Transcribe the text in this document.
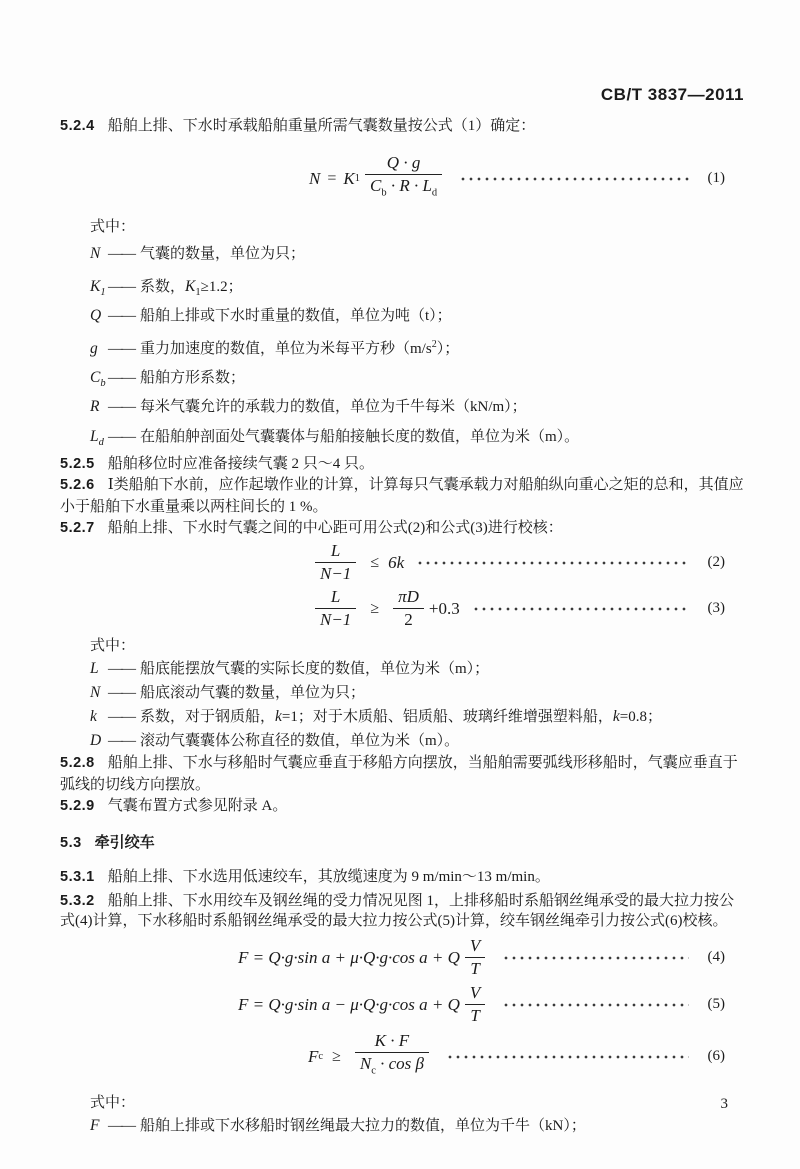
CB/T 3837—2011

5.2.4 船舶上排、下水时承载船舶重量所需气囊数量按公式（1）确定：

N = K $1 \frac{Q \cdot g}{C_b \cdot R \cdot L_d}$	(1)

式中：

N —— 气囊的数量，单位为只；
$K_1$ —— 系数，$K_1\ge 1.2$；
Q —— 船舶上排或下水时重量的数值，单位为吨（t）；
g —— 重力加速度的数值，单位为米每平方秒$(m/s^2)$；
$C_b$ —— 船舶方形系数；
R —— 每米气囊允许的承载力的数值，单位为千牛每米（kN/m）；
$L_d$ —— 在船舶舯剖面处气囊囊体与船舶接触长度的数值，单位为米（m）。

5.2.5 船舶移位时应准备接续气囊 2 只～4 只。

5.2.6 Ⅰ类船舶下水前，应作起墩作业的计算，计算每只气囊承载力对船舶纵向重心之矩的总和，其值应小于船舶下水重量乘以两柱间长的 1 %。

5.2.7 船舶上排、下水时气囊之间的中心距可用公式(2)和公式(3)进行校核：

$\frac{L}{N-1} \le 6k$	(2)
$\frac{L}{N-1} \ge \frac{\pi D}{2} +0.3$	(3)

式中：

L —— 船底能摆放气囊的实际长度的数值，单位为米（m）；
N —— 船底滚动气囊的数量，单位为只；
k —— 系数，对于钢质船，k=1；对于木质船、铝质船、玻璃纤维增强塑料船，k=0.8；
D —— 滚动气囊囊体公称直径的数值，单位为米（m）。

5.2.8 船舶上排、下水与移船时气囊应垂直于移船方向摆放，当船舶需要弧线形移船时，气囊应垂直于弧线的切线方向摆放。

5.2.9 气囊布置方式参见附录 A。

5.3 牵引绞车

5.3.1 船舶上排、下水选用低速绞车，其放缆速度为 9 m/min～13 m/min。

5.3.2 船舶上排、下水用绞车及钢丝绳的受力情况见图 1，上排移船时系船钢丝绳承受的最大拉力按公式(4)计算，下水移船时系船钢丝绳承受的最大拉力按公式(5)计算，绞车钢丝绳牵引力按公式(6)校核。

F = Q·g·sin a + μ·Q·g·cos a + Q $\frac{V}{T}$	(4)
F = Q·g·sin a − μ·Q·g·cos a + Q $\frac{V}{T}$	(5)
F $c \ge \frac{K \cdot F}{N_c \cdot \cos \beta}$	(6)

式中：

F —— 船舶上排或下水移船时钢丝绳最大拉力的数值，单位为千牛（kN）；
3
